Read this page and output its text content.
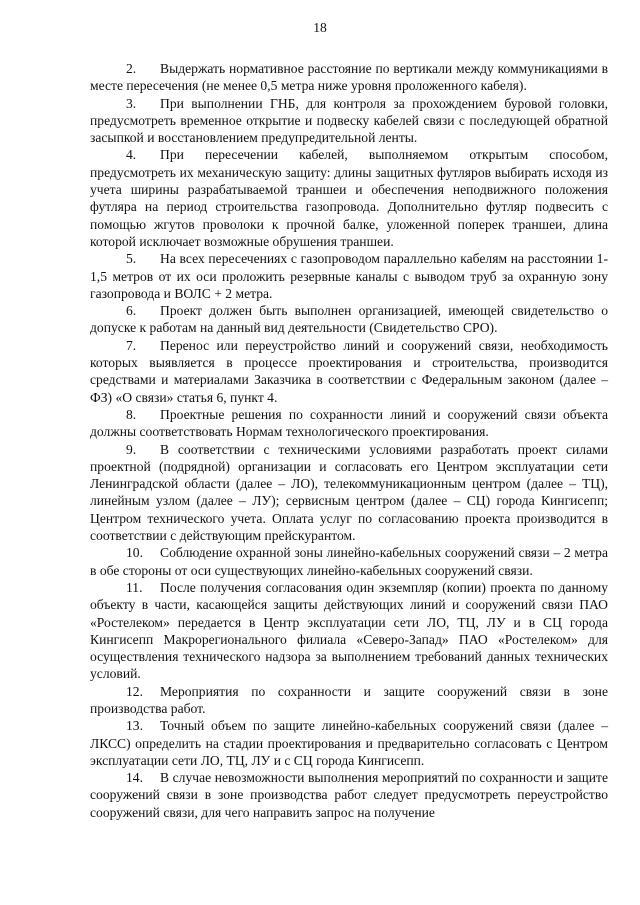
18

2. Выдержать нормативное расстояние по вертикали между коммуникациями в месте пересечения (не менее 0,5 метра ниже уровня проложенного кабеля).

3. При выполнении ГНБ, для контроля за прохождением буровой головки, предусмотреть временное открытие и подвеску кабелей связи с последующей обратной засыпкой и восстановлением предупредительной ленты.

4. При пересечении кабелей, выполняемом открытым способом, предусмотреть их механическую защиту: длины защитных футляров выбирать исходя из учета ширины разрабатываемой траншеи и обеспечения неподвижного положения футляра на период строительства газопровода. Дополнительно футляр подвесить с помощью жгутов проволоки к прочной балке, уложенной поперек траншеи, длина которой исключает возможные обрушения траншеи.

5. На всех пересечениях с газопроводом параллельно кабелям на расстоянии 1-1,5 метров от их оси проложить резервные каналы с выводом труб за охранную зону газопровода и ВОЛС + 2 метра.

6. Проект должен быть выполнен организацией, имеющей свидетельство о допуске к работам на данный вид деятельности (Свидетельство СРО).

7. Перенос или переустройство линий и сооружений связи, необходимость которых выявляется в процессе проектирования и строительства, производится средствами и материалами Заказчика в соответствии с Федеральным законом (далее – ФЗ) «О связи» статья 6, пункт 4.

8. Проектные решения по сохранности линий и сооружений связи объекта должны соответствовать Нормам технологического проектирования.

9. В соответствии с техническими условиями разработать проект силами проектной (подрядной) организации и согласовать его Центром эксплуатации сети Ленинградской области (далее – ЛО), телекоммуникационным центром (далее – ТЦ), линейным узлом (далее – ЛУ); сервисным центром (далее – СЦ) города Кингисепп; Центром технического учета. Оплата услуг по согласованию проекта производится в соответствии с действующим прейскурантом.

10. Соблюдение охранной зоны линейно-кабельных сооружений связи – 2 метра в обе стороны от оси существующих линейно-кабельных сооружений связи.

11. После получения согласования один экземпляр (копии) проекта по данному объекту в части, касающейся защиты действующих линий и сооружений связи ПАО «Ростелеком» передается в Центр эксплуатации сети ЛО, ТЦ, ЛУ и в СЦ города Кингисепп Макрорегионального филиала «Северо-Запад» ПАО «Ростелеком» для осуществления технического надзора за выполнением требований данных технических условий.

12. Мероприятия по сохранности и защите сооружений связи в зоне производства работ.

13. Точный объем по защите линейно-кабельных сооружений связи (далее – ЛКСС) определить на стадии проектирования и предварительно согласовать с Центром эксплуатации сети ЛО, ТЦ, ЛУ и с СЦ города Кингисепп.

14. В случае невозможности выполнения мероприятий по сохранности и защите сооружений связи в зоне производства работ следует предусмотреть переустройство сооружений связи, для чего направить запрос на получение
